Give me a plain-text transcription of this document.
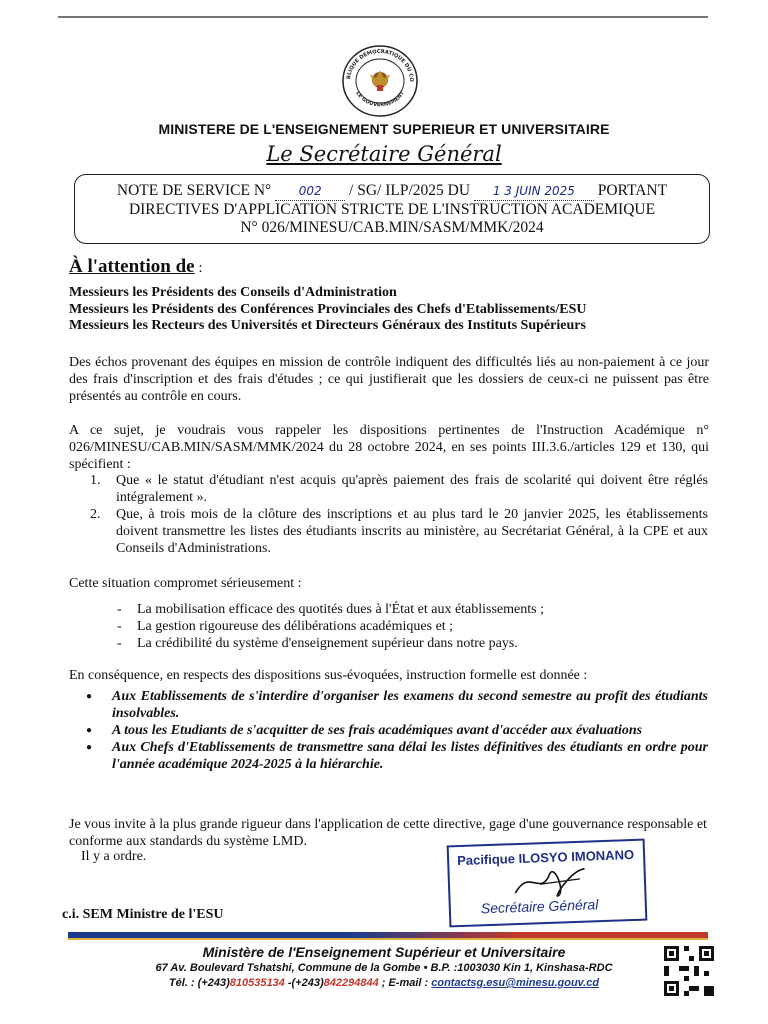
BLIQUE DÉMOCRATIQUE DU CO
LE GOUVERNEMENT
MINISTERE DE L'ENSEIGNEMENT SUPERIEUR ET UNIVERSITAIRE
Le Secrétaire Général
NOTE DE SERVICE N° 002 / SG/ ILP/2025 DU 1 3 JUIN 2025 PORTANT
DIRECTIVES D'APPLICATION STRICTE DE L'INSTRUCTION ACADEMIQUE
N° 026/MINESU/CAB.MIN/SASM/MMK/2024
À l'attention de :
Messieurs les Présidents des Conseils d'Administration
Messieurs les Présidents des Conférences Provinciales des Chefs d'Etablissements/ESU
Messieurs les Recteurs des Universités et Directeurs Généraux des Instituts Supérieurs

Des échos provenant des équipes en mission de contrôle indiquent des difficultés liés au non-paiement à ce jour des frais d'inscription et des frais d'études ; ce qui justifierait que les dossiers de ceux-ci ne puissent pas être présentés au contrôle en cours.

A ce sujet, je voudrais vous rappeler les dispositions pertinentes de l'Instruction Académique n° 026/MINESU/CAB.MIN/SASM/MMK/2024 du 28 octobre 2024, en ses points III.3.6./articles 129 et 130, qui spécifient :

1. Que « le statut d'étudiant n'est acquis qu'après paiement des frais de scolarité qui doivent être réglés intégralement ».
2. Que, à trois mois de la clôture des inscriptions et au plus tard le 20 janvier 2025, les établissements doivent transmettre les listes des étudiants inscrits au ministère, au Secrétariat Général, à la CPE et aux Conseils d'Administrations.
Cette situation compromet sérieusement :
- La mobilisation efficace des quotités dues à l'État et aux établissements ;
- La gestion rigoureuse des délibérations académiques et ;
- La crédibilité du système d'enseignement supérieur dans notre pays.
En conséquence, en respects des dispositions sus-évoquées, instruction formelle est donnée :
● Aux Etablissements de s'interdire d'organiser les examens du second semestre au profit des étudiants insolvables.
● A tous les Etudiants de s'acquitter de ses frais académiques avant d'accéder aux évaluations
● Aux Chefs d'Etablissements de transmettre sana délai les listes définitives des étudiants en ordre pour l'année académique 2024-2025 à la hiérarchie.

Je vous invite à la plus grande rigueur dans l'application de cette directive, gage d'une gouvernance responsable et conforme aux standards du système LMD.

Il y a ordre.	Pacifique ILOSYO IMONANO
Secrétaire Général
c.i. SEM Ministre de l'ESU
Ministère de l'Enseignement Supérieur et Universitaire
67 Av. Boulevard Tshatshi, Commune de la Gombe • B.P. :1003030 Kin 1, Kinshasa-RDC
Tél. : (+243)810535134 -(+243)842294844 ; E-mail : contactsg.esu@minesu.gouv.cd
